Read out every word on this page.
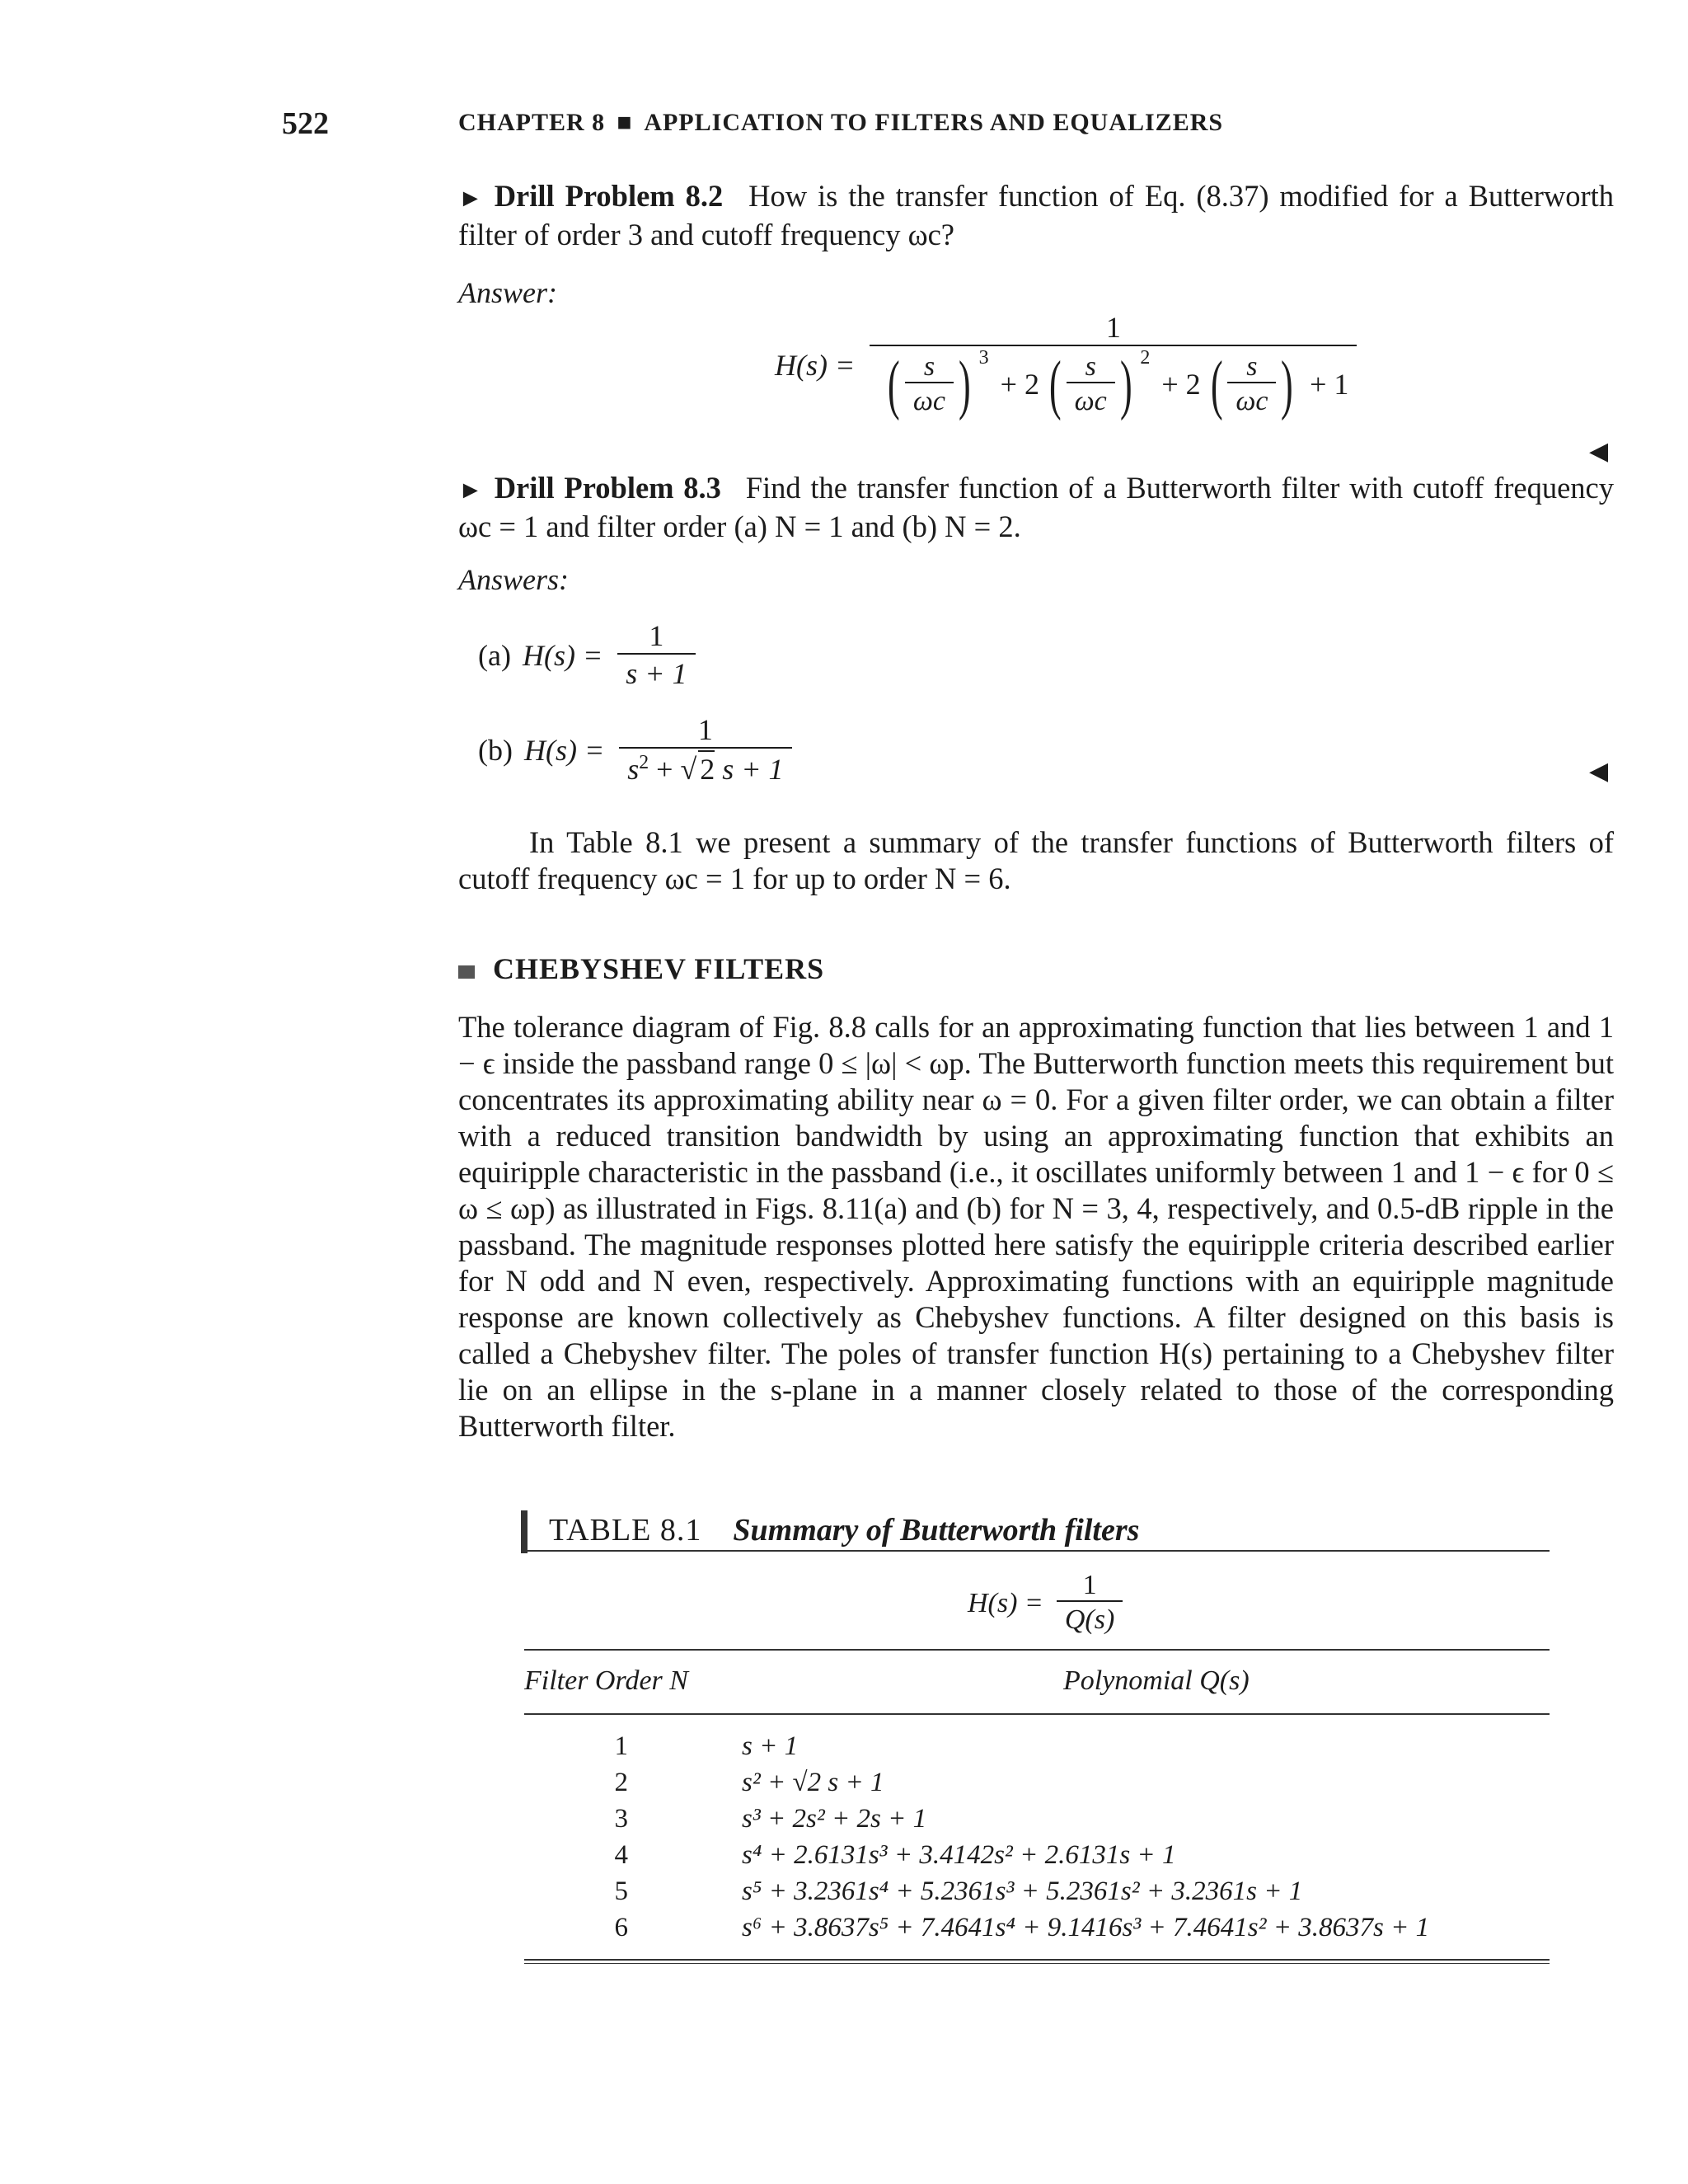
522	CHAPTER 8 ■ APPLICATION TO FILTERS AND EQUALIZERS
► Drill Problem 8.2 How is the transfer function of Eq. (8.37) modified for a Butterworth filter of order 3 and cutoff frequency ωc?
Answer:
H(s) =
1
( $\frac{s}{\omega c}$ ) $^3$
+ 2 ( $\frac{s}{\omega c}$ ) $^2$
+ 2 ( $\frac{s}{\omega c}$ ) + 1
◀
► Drill Problem 8.3 Find the transfer function of a Butterworth filter with cutoff frequency ωc = 1 and filter order (a) N = 1 and (b) N = 2.
Answers:
(a) $H(s) = \frac{1}{s + 1}$
(b) $H(s) = \frac{1}{s^2 + √ 2 s + 1}$	◀
In Table 8.1 we present a summary of the transfer functions of Butterworth filters of cutoff frequency ωc = 1 for up to order N = 6.
CHEBYSHEV FILTERS
The tolerance diagram of Fig. 8.8 calls for an approximating function that lies between 1 and 1 − ϵ inside the passband range 0 ≤ |ω| < ωp. The Butterworth function meets this requirement but concentrates its approximating ability near ω = 0. For a given filter order, we can obtain a filter with a reduced transition bandwidth by using an approximating function that exhibits an equiripple characteristic in the passband (i.e., it oscillates uniformly between 1 and 1 − ϵ for 0 ≤ ω ≤ ωp) as illustrated in Figs. 8.11(a) and (b) for N = 3, 4, respectively, and 0.5-dB ripple in the passband. The magnitude responses plotted here satisfy the equiripple criteria described earlier for N odd and N even, respectively. Approximating functions with an equiripple magnitude response are known collectively as Chebyshev functions. A filter designed on this basis is called a Chebyshev filter. The poles of transfer function H(s) pertaining to a Chebyshev filter lie on an ellipse in the s-plane in a manner closely related to those of the corresponding Butterworth filter.
TABLE 8.1 Summary of Butterworth filters
$H(s) = \frac{1}{Q(s)}$
Filter Order N	Polynomial Q(s)
1	s + 1
2	s² + √2 s + 1
3	s³ + 2s² + 2s + 1
4	s⁴ + 2.6131s³ + 3.4142s² + 2.6131s + 1
5	s⁵ + 3.2361s⁴ + 5.2361s³ + 5.2361s² + 3.2361s + 1
6	s⁶ + 3.8637s⁵ + 7.4641s⁴ + 9.1416s³ + 7.4641s² + 3.8637s + 1
